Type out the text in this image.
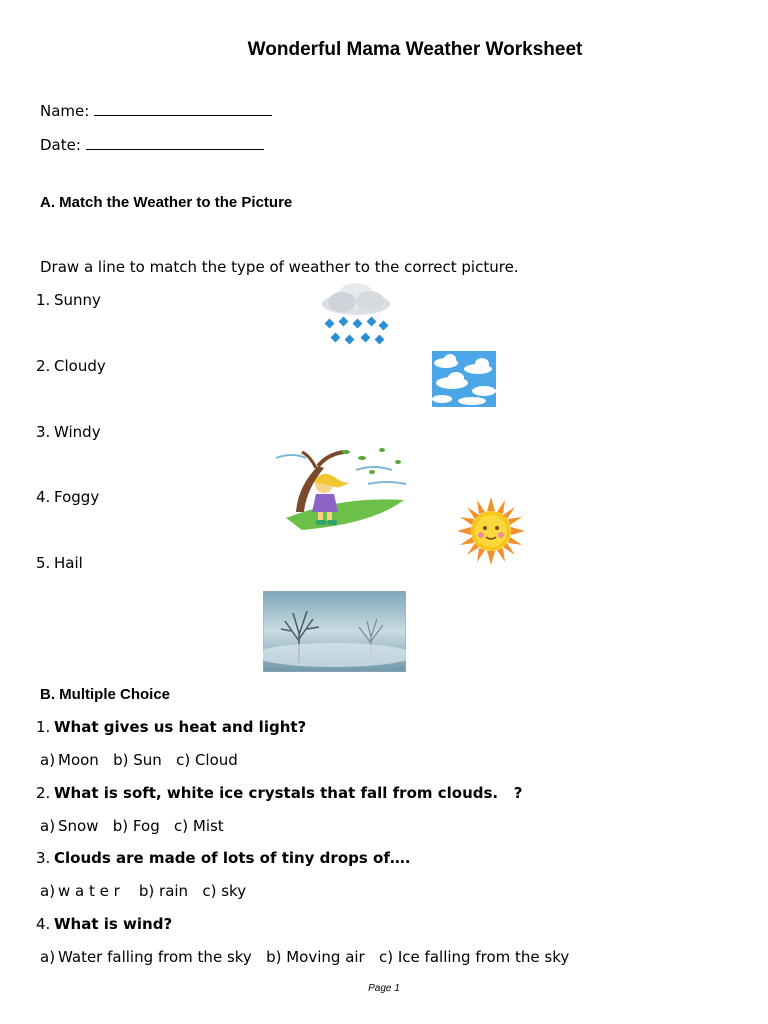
Wonderful Mama Weather Worksheet
Name:
Date:
A. Match the Weather to the Picture
Draw a line to match the type of weather to the correct picture.
1. Sunny
2. Cloudy
3. Windy
4. Foggy
5. Hail
B. Multiple Choice
1. What gives us heat and light?
a) Moon   b) Sun   c) Cloud
2. What is soft, white ice crystals that fall from clouds.   ?
a) Snow   b) Fog   c) Mist
3. Clouds are made of lots of tiny drops of….
a) w a t e r    b) rain   c) sky
4. What is wind?
a) Water falling from the sky   b) Moving air   c) Ice falling from the sky
Page 1
